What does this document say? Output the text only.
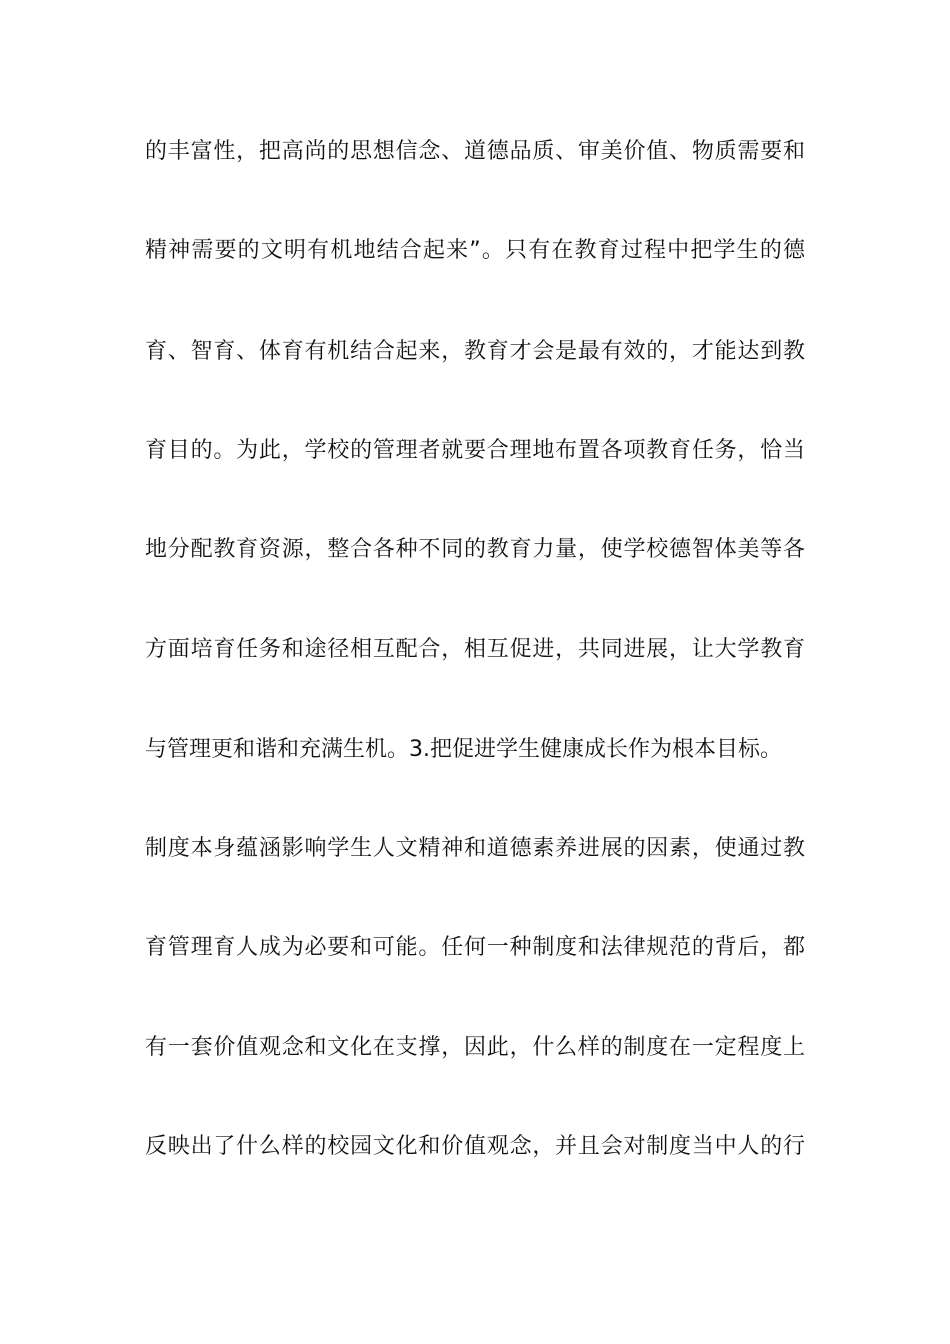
的丰富性，把高尚的思想信念、道德品质、审美价值、物质需要和
精神需要的文明有机地结合起来”。只有在教育过程中把学生的德
育、智育、体育有机结合起来，教育才会是最有效的，才能达到教
育目的。为此，学校的管理者就要合理地布置各项教育任务，恰当
地分配教育资源，整合各种不同的教育力量，使学校德智体美等各
方面培育任务和途径相互配合，相互促进，共同进展，让大学教育
与管理更和谐和充满生机。3.把促进学生健康成长作为根本目标。
制度本身蕴涵影响学生人文精神和道德素养进展的因素，使通过教
育管理育人成为必要和可能。任何一种制度和法律规范的背后，都
有一套价值观念和文化在支撑，因此，什么样的制度在一定程度上
反映出了什么样的校园文化和价值观念，并且会对制度当中人的行
